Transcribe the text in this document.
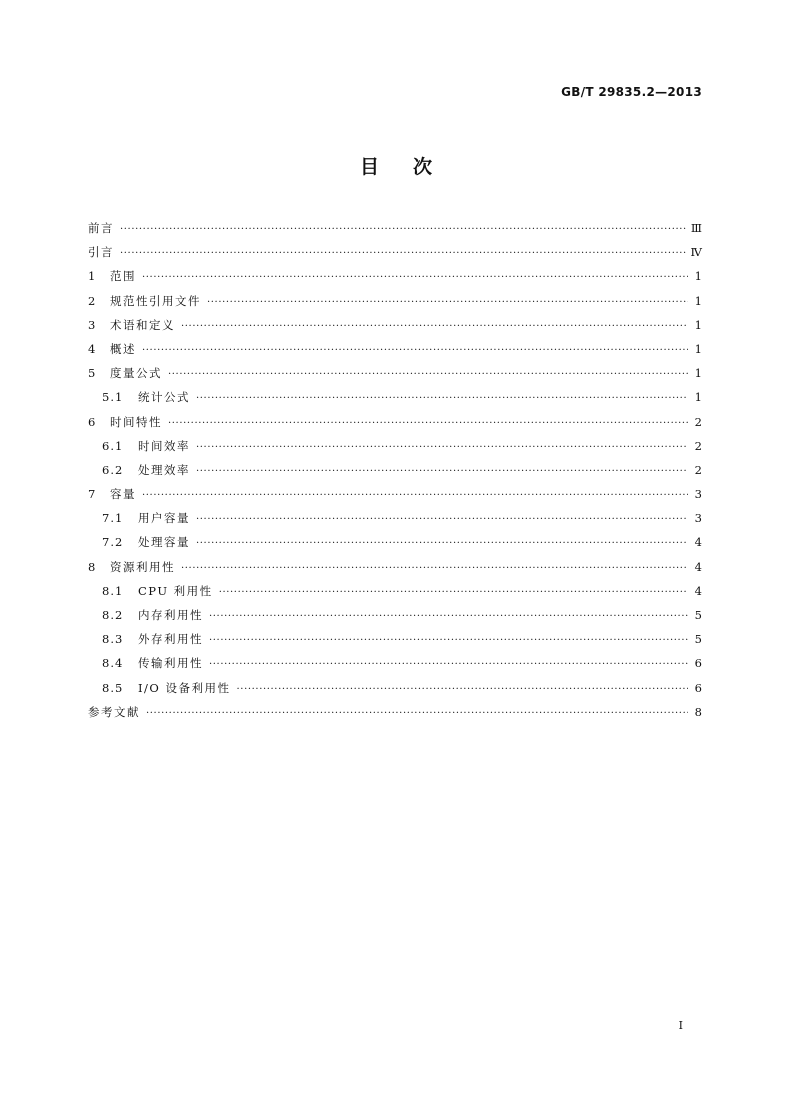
GB/T 29835.2—2013
目次
前言 ·····	Ⅲ
引言 ·····	Ⅳ
1	范围 ·····	1
2	规范性引用文件 ·····	1
3	术语和定义 ·····	1
4	概述 ·····	1
5	度量公式 ·····	1
5.1	统计公式 ·····	1
6	时间特性 ·····	2
6.1	时间效率 ·····	2
6.2	处理效率 ·····	2
7	容量 ·····	3
7.1	用户容量 ·····	3
7.2	处理容量 ·····	4
8	资源利用性 ·····	4
8.1	CPU 利用性 ·····	4
8.2	内存利用性 ·····	5
8.3	外存利用性 ·····	5
8.4	传输利用性 ·····	6
8.5	I/O 设备利用性 ·····	6
参考文献 ·····	8
I
